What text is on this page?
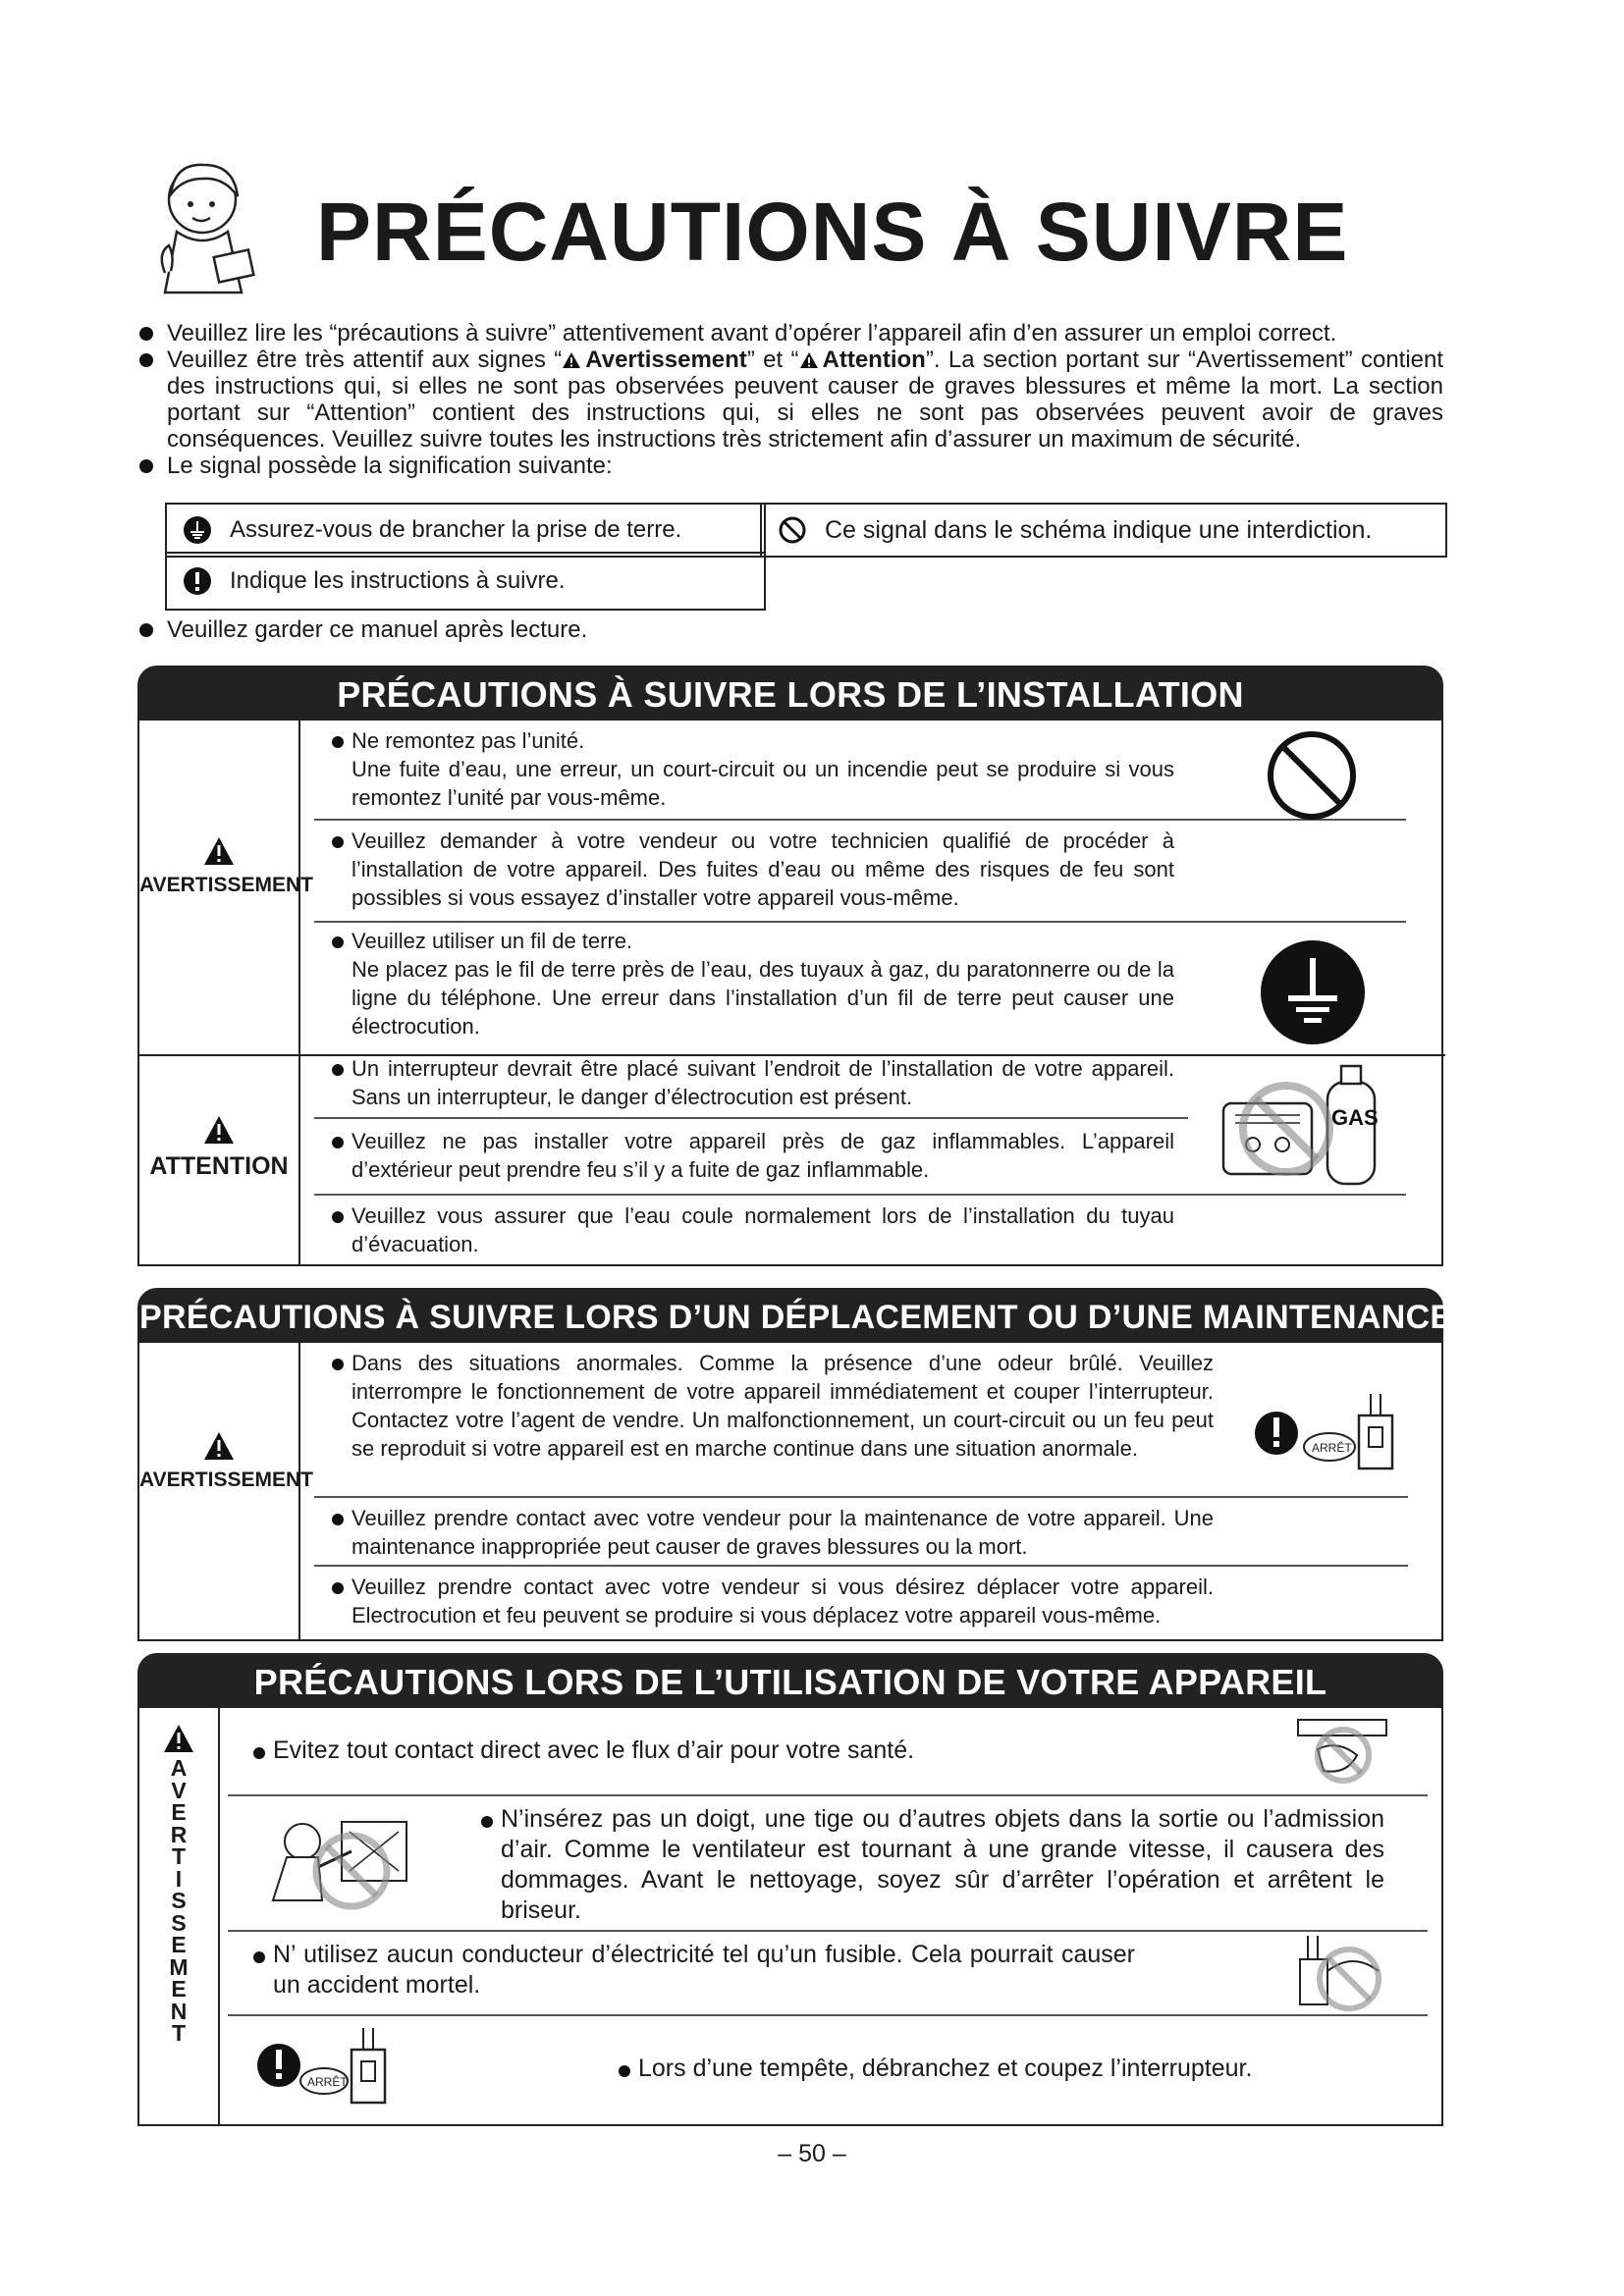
PRÉCAUTIONS À SUIVRE
Veuillez lire les “précautions à suivre” attentivement avant d’opérer l’appareil afin d’en assurer un emploi correct.
Veuillez être très attentif aux signes “ Avertissement” et “ Attention”. La section portant sur “Avertissement” contient des instructions qui, si elles ne sont pas observées peuvent causer de graves blessures et même la mort. La section portant sur “Attention” contient des instructions qui, si elles ne sont pas observées peuvent avoir de graves conséquences. Veuillez suivre toutes les instructions très strictement afin d’assurer un maximum de sécurité.
Le signal possède la signification suivante:
Assurez-vous de brancher la prise de terre.	Ce signal dans le schéma indique une interdiction.
Indique les instructions à suivre.
Veuillez garder ce manuel après lecture.
PRÉCAUTIONS À SUIVRE LORS DE L’INSTALLATION
AVERTISSEMENT
ATTENTION
Ne remontez pas l’unité.
Une fuite d’eau, une erreur, un court-circuit ou un incendie peut se produire si vous remontez l’unité par vous-même.
Veuillez demander à votre vendeur ou votre technicien qualifié de procéder à l’installation de votre appareil. Des fuites d’eau ou même des risques de feu sont possibles si vous essayez d’installer votre appareil vous-même.
Veuillez utiliser un fil de terre.
Ne placez pas le fil de terre près de l’eau, des tuyaux à gaz, du paratonnerre ou de la ligne du téléphone. Une erreur dans l’installation d’un fil de terre peut causer une électrocution.
Un interrupteur devrait être placé suivant l’endroit de l’installation de votre appareil. Sans un interrupteur, le danger d’électrocution est présent.
Veuillez ne pas installer votre appareil près de gaz inflammables. L’appareil d’extérieur peut prendre feu s’il y a fuite de gaz inflammable.
Veuillez vous assurer que l’eau coule normalement lors de l’installation du tuyau d’évacuation.
GAS
PRÉCAUTIONS À SUIVRE LORS D’UN DÉPLACEMENT OU D’UNE MAINTENANCE
AVERTISSEMENT
Dans des situations anormales. Comme la présence d’une odeur brûlé. Veuillez interrompre le fonctionnement de votre appareil immédiatement et couper l’interrupteur. Contactez votre l’agent de vendre. Un malfonctionnement, un court-circuit ou un feu peut se reproduit si votre appareil est en marche continue dans une situation anormale.
Veuillez prendre contact avec votre vendeur pour la maintenance de votre appareil. Une maintenance inappropriée peut causer de graves blessures ou la mort.
Veuillez prendre contact avec votre vendeur si vous désirez déplacer votre appareil. Electrocution et feu peuvent se produire si vous déplacez votre appareil vous-même.
ARRÊT
PRÉCAUTIONS LORS DE L’UTILISATION DE VOTRE APPAREIL
A
V
E
R
T
I
S
S
E
M
E
N
T
Evitez tout contact direct avec le flux d’air pour votre santé.
N’insérez pas un doigt, une tige ou d’autres objets dans la sortie ou l’admission d’air. Comme le ventilateur est tournant à une grande vitesse, il causera des dommages. Avant le nettoyage, soyez sûr d’arrêter l’opération et arrêtent le briseur.
N’ utilisez aucun conducteur d’électricité tel qu’un fusible. Cela pourrait causer un accident mortel.
ARRÊT	Lors d’une tempête, débranchez et coupez l’interrupteur.
– 50 –
